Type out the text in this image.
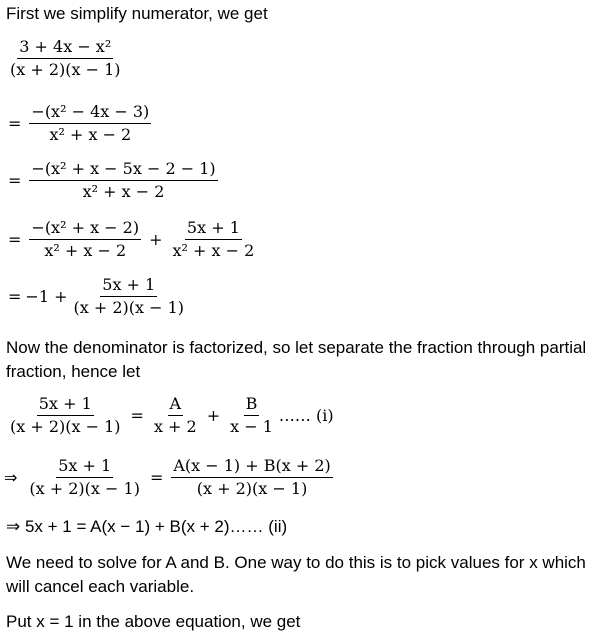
First we simplify numerator, we get
$\frac{\text{3 + 4x − x²}}{(x + 2)(x - 1)}$
= $\frac{\text{−(x² − 4x − 3)}}{\text{x² + x − 2}}$
= $\frac{\text{−(x² + x − 5x − 2 − 1)}}{\text{x² + x − 2}}$
= $\frac{\text{−(x² + x − 2)}}{\text{x² + x − 2}} + \frac{5x + 1}{\text{x² + x − 2}}$
= $-1 + \frac{5x + 1}{(x + 2)(x - 1)}$
Now the denominator is factorized, so let separate the fraction through partial
fraction, hence let
$\frac{5x + 1}{(x + 2)(x - 1)} = \frac{A}{x + 2} + \frac{B}{x - 1}$ …… (i)
⇒ $\frac{5x + 1}{(x + 2)(x - 1)} = \frac{A(x - 1) + B(x + 2)}{(x + 2)(x - 1)}$
⇒ 5x + 1 = A(x − 1) + B(x + 2)…… (ii)
We need to solve for A and B. One way to do this is to pick values for x which
will cancel each variable.
Put x = 1 in the above equation, we get
